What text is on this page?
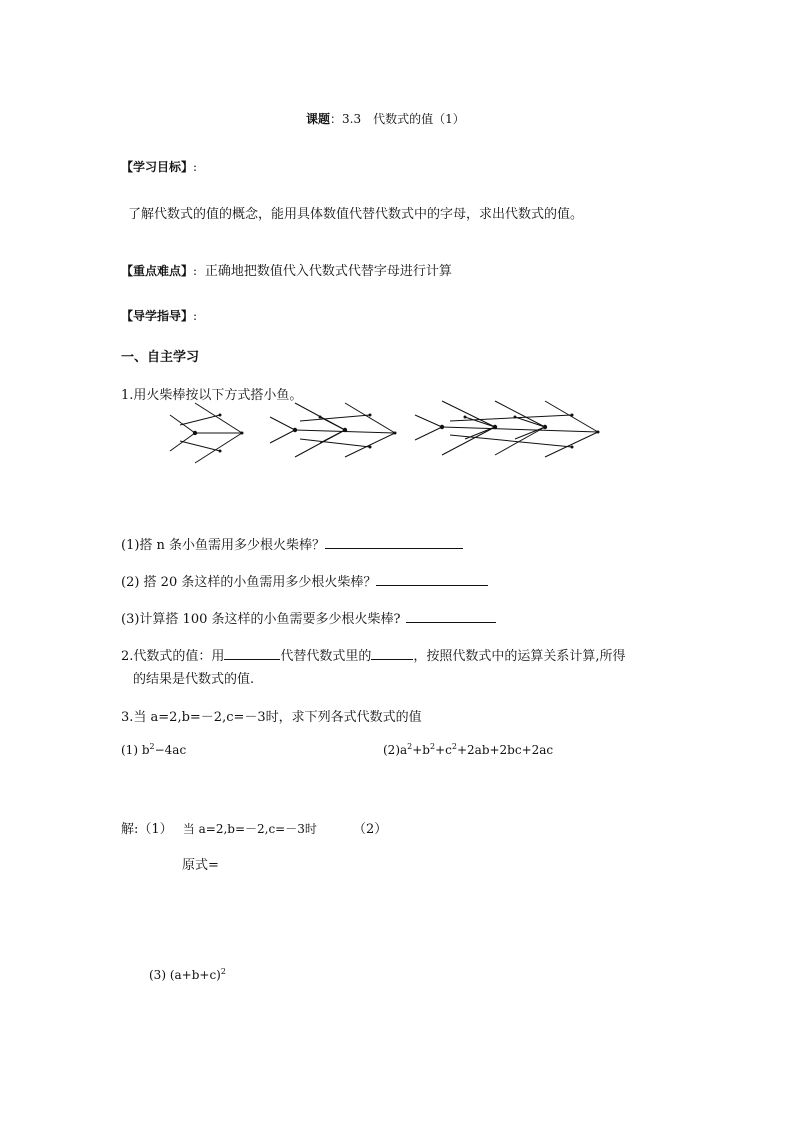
课题：3.3　代数式的值（1）
【学习目标】:
了解代数式的值的概念，能用具体数值代替代数式中的字母，求出代数式的值。
【重点难点】: 正确地把数值代入代数式代替字母进行计算
【导学指导】:
一、自主学习
1.用火柴棒按以下方式搭小鱼。
(1)搭 n 条小鱼需用多少根火柴棒？
(2) 搭 20 条这样的小鱼需用多少根火柴棒？
(3)计算搭 100 条这样的小鱼需要多少根火柴棒?
2.代数式的值：用	代替代数式里的	，按照代数式中的运算关系计算,所得
的结果是代数式的值.
3.当 a=2,b=－2,c=－3时，求下列各式代数式的值
(1) $b^2-4ac$	$(2)a^2+b^2+c^2+2ab+2bc+2ac$
解:（1） 当 a=2,b=－2,c=－3时	（2）
原式=
(3) $(a+b+c)^2$
